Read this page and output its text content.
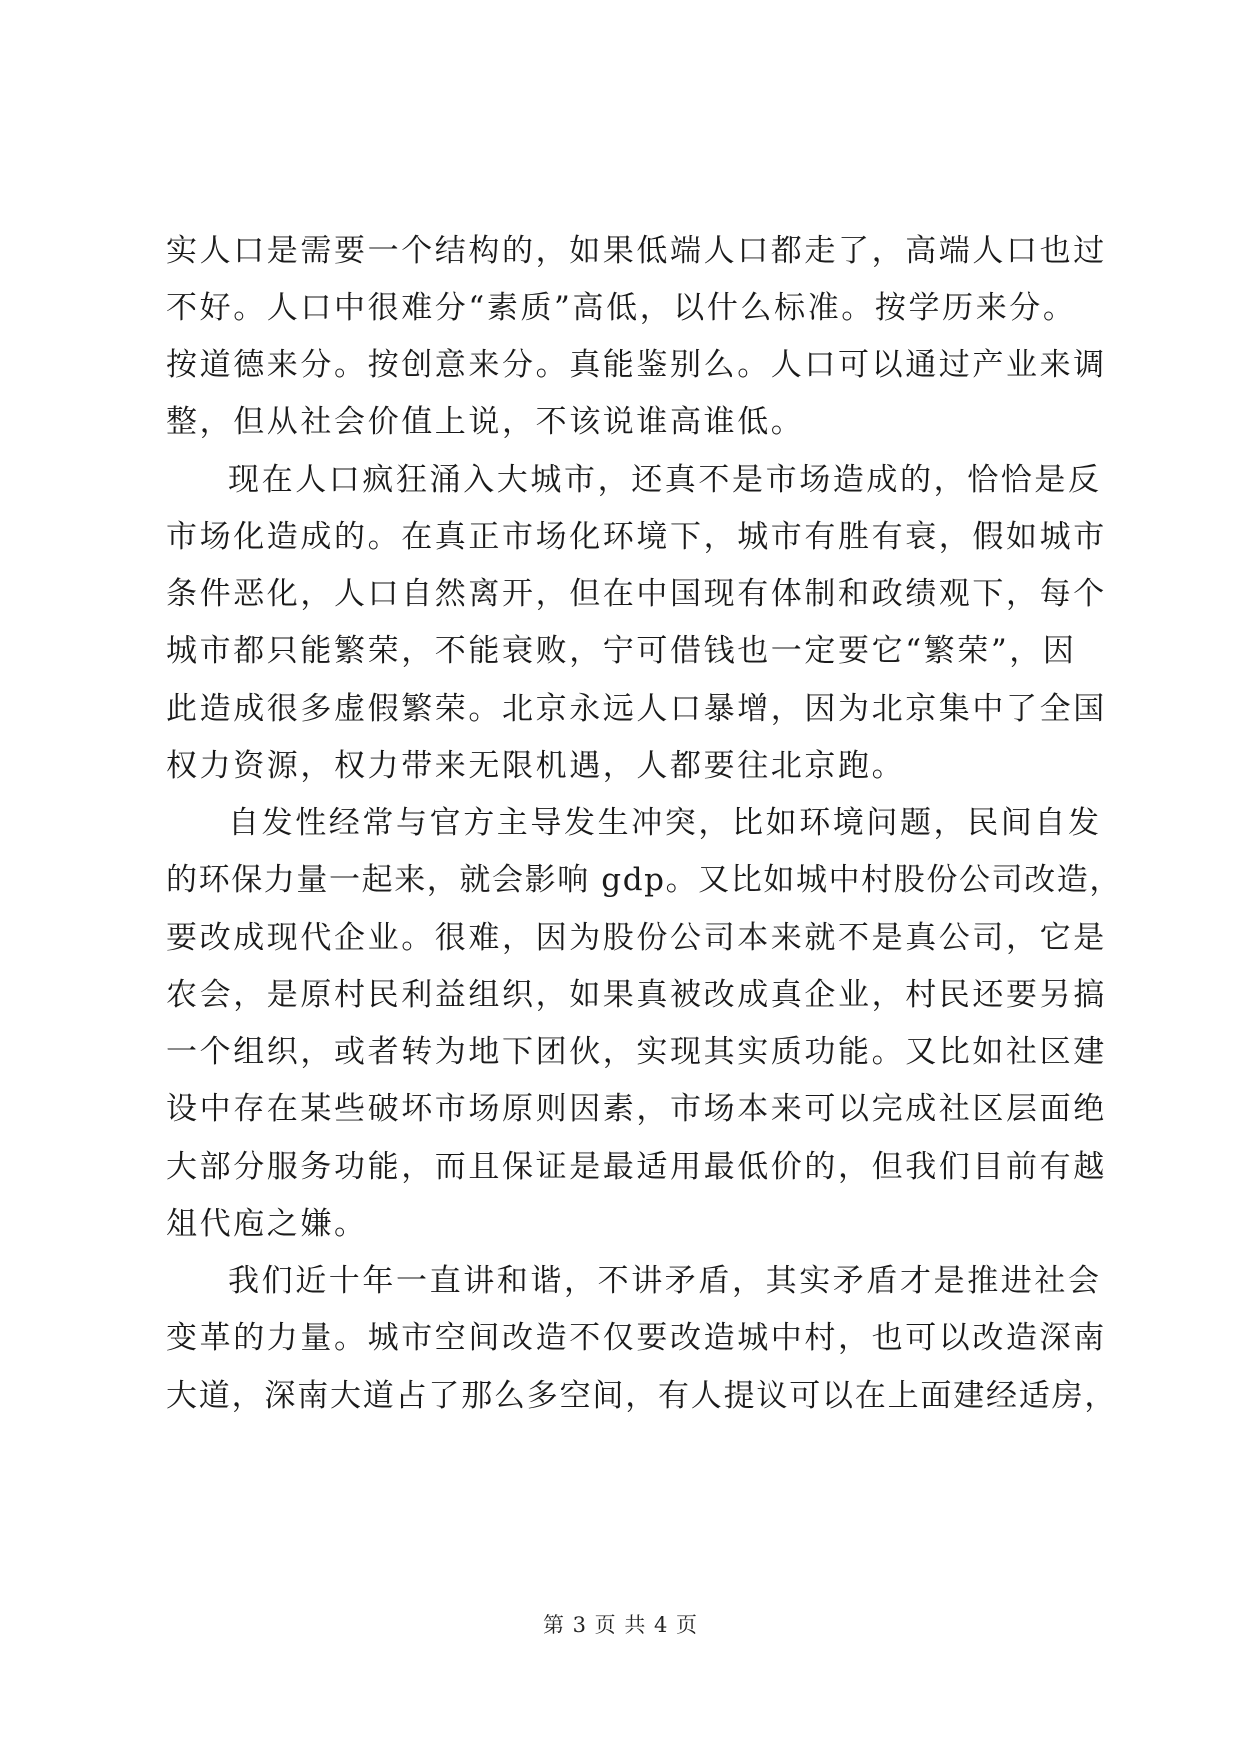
实人口是需要一个结构的，如果低端人口都走了，高端人口也过
不好。人口中很难分“素质”高低，以什么标准。按学历来分。
按道德来分。按创意来分。真能鉴别么。人口可以通过产业来调
整，但从社会价值上说，不该说谁高谁低。
现在人口疯狂涌入大城市，还真不是市场造成的，恰恰是反
市场化造成的。在真正市场化环境下，城市有胜有衰，假如城市
条件恶化，人口自然离开，但在中国现有体制和政绩观下，每个
城市都只能繁荣，不能衰败，宁可借钱也一定要它“繁荣”，因
此造成很多虚假繁荣。北京永远人口暴增，因为北京集中了全国
权力资源，权力带来无限机遇，人都要往北京跑。
自发性经常与官方主导发生冲突，比如环境问题，民间自发
的环保力量一起来，就会影响 gdp。又比如城中村股份公司改造，
要改成现代企业。很难，因为股份公司本来就不是真公司，它是
农会，是原村民利益组织，如果真被改成真企业，村民还要另搞
一个组织，或者转为地下团伙，实现其实质功能。又比如社区建
设中存在某些破坏市场原则因素，市场本来可以完成社区层面绝
大部分服务功能，而且保证是最适用最低价的，但我们目前有越
俎代庖之嫌。
我们近十年一直讲和谐，不讲矛盾，其实矛盾才是推进社会
变革的力量。城市空间改造不仅要改造城中村，也可以改造深南
大道，深南大道占了那么多空间，有人提议可以在上面建经适房，
第 3 页 共 4 页
